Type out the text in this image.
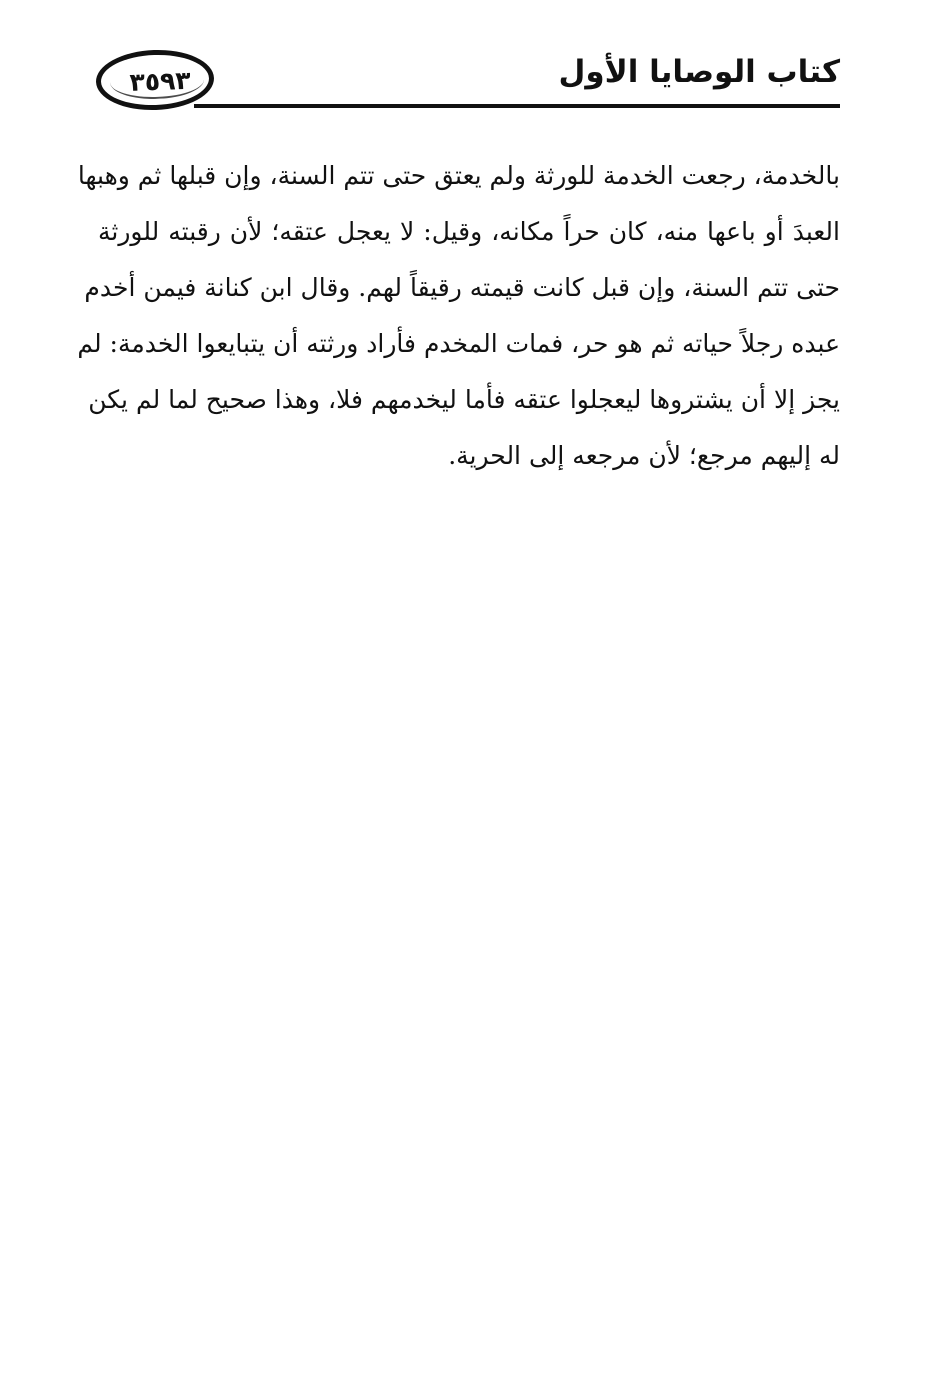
٣٥٩٣	كتاب الوصايا الأول
بالخدمة، رجعت الخدمة للورثة ولم يعتق حتى تتم السنة، وإن قبلها ثم وهبها
العبدَ أو باعها منه، كان حراً مكانه، وقيل: لا يعجل عتقه؛ لأن رقبته للورثة
حتى تتم السنة، وإن قبل كانت قيمته رقيقاً لهم. وقال ابن كنانة فيمن أخدم
عبده رجلاً حياته ثم هو حر، فمات المخدم فأراد ورثته أن يتبايعوا الخدمة: لم
يجز إلا أن يشتروها ليعجلوا عتقه فأما ليخدمهم فلا، وهذا صحيح لما لم يكن
له إليهم مرجع؛ لأن مرجعه إلى الحرية.
